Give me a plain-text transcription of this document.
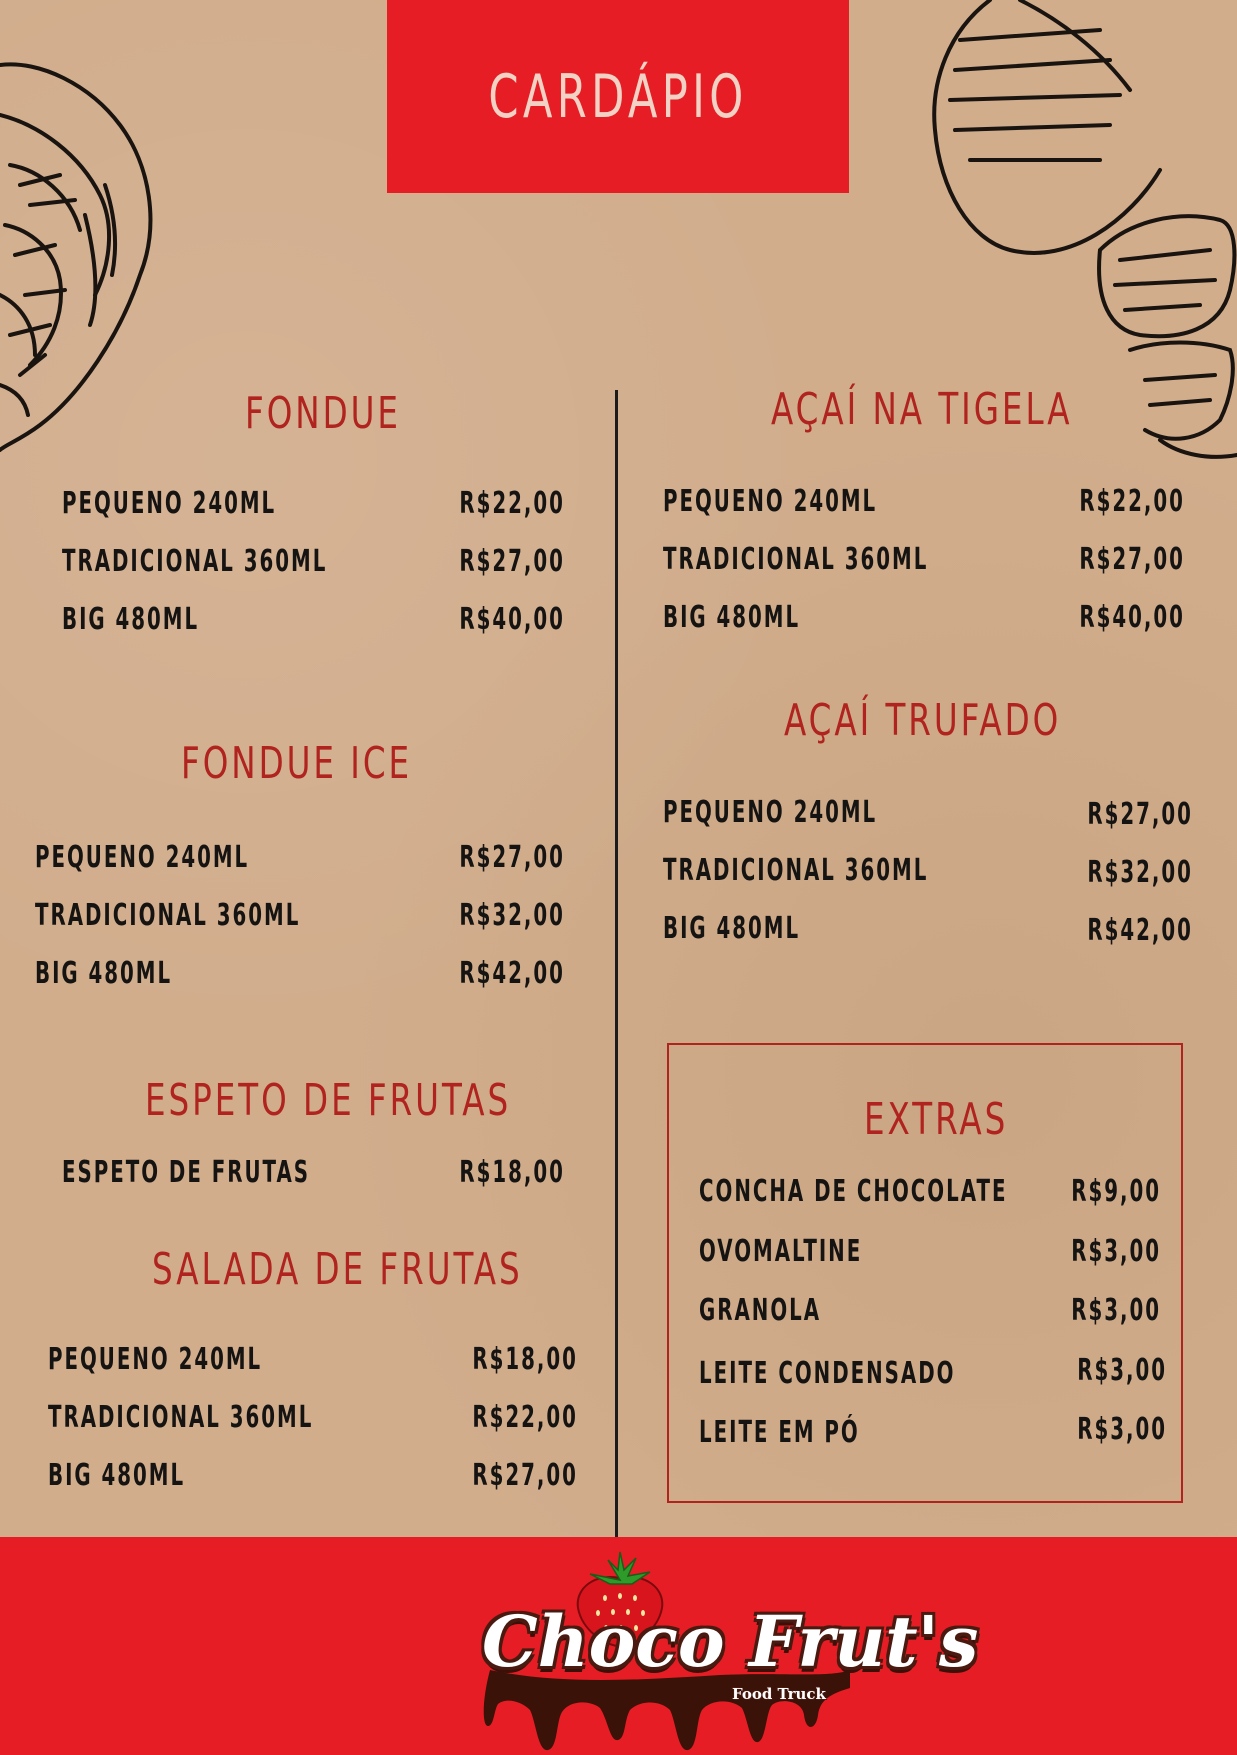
CARDÁPIO
FONDUE
PEQUENO 240ML	R$22,00
TRADICIONAL 360ML	R$27,00
BIG 480ML	R$40,00
FONDUE ICE
PEQUENO 240ML	R$27,00
TRADICIONAL 360ML	R$32,00
BIG 480ML	R$42,00
ESPETO DE FRUTAS
ESPETO DE FRUTAS	R$18,00
SALADA DE FRUTAS
PEQUENO 240ML	R$18,00
TRADICIONAL 360ML	R$22,00
BIG 480ML	R$27,00
AÇAÍ NA TIGELA
PEQUENO 240ML	R$22,00
TRADICIONAL 360ML	R$27,00
BIG 480ML	R$40,00
AÇAÍ TRUFADO
PEQUENO 240ML	R$27,00
TRADICIONAL 360ML	R$32,00
BIG 480ML	R$42,00
EXTRAS
CONCHA DE CHOCOLATE R$9,00
OVOMALTINE	R$3,00
GRANOLA	R$3,00
LEITE CONDENSADO	R$3,00
LEITE EM PÓ	R$3,00
Choco Frut's
Food Truck
